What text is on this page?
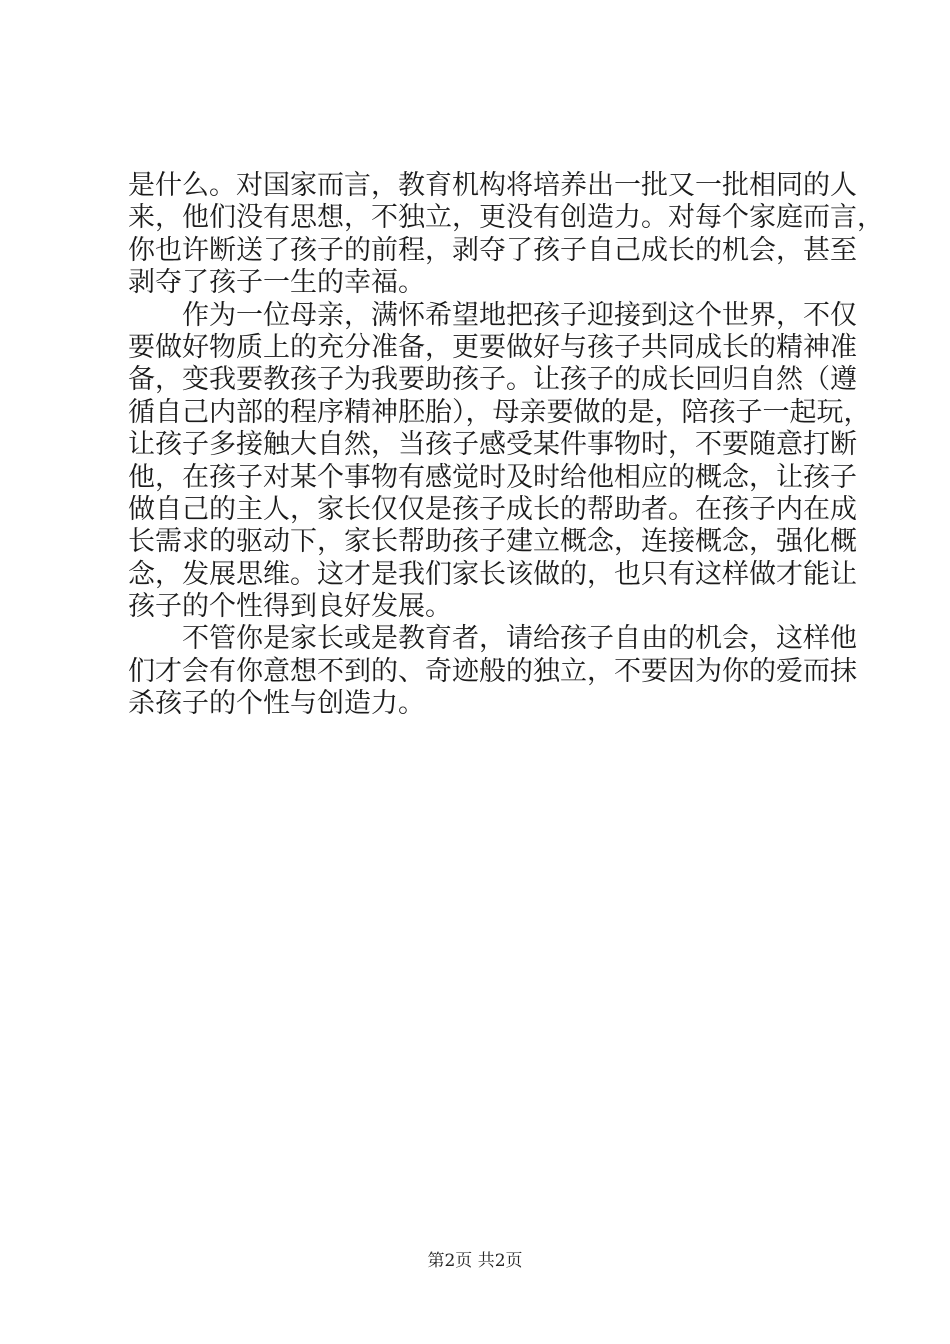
是什么。对国家而言，教育机构将培养出一批又一批相同的人
来，他们没有思想，不独立，更没有创造力。对每个家庭而言，
你也许断送了孩子的前程，剥夺了孩子自己成长的机会，甚至
剥夺了孩子一生的幸福。
作为一位母亲，满怀希望地把孩子迎接到这个世界，不仅
要做好物质上的充分准备，更要做好与孩子共同成长的精神准
备，变我要教孩子为我要助孩子。让孩子的成长回归自然（遵
循自己内部的程序精神胚胎），母亲要做的是，陪孩子一起玩，
让孩子多接触大自然，当孩子感受某件事物时，不要随意打断
他，在孩子对某个事物有感觉时及时给他相应的概念，让孩子
做自己的主人，家长仅仅是孩子成长的帮助者。在孩子内在成
长需求的驱动下，家长帮助孩子建立概念，连接概念，强化概
念，发展思维。这才是我们家长该做的，也只有这样做才能让
孩子的个性得到良好发展。
不管你是家长或是教育者，请给孩子自由的机会，这样他
们才会有你意想不到的、奇迹般的独立，不要因为你的爱而抹
杀孩子的个性与创造力。
第2页 共2页
